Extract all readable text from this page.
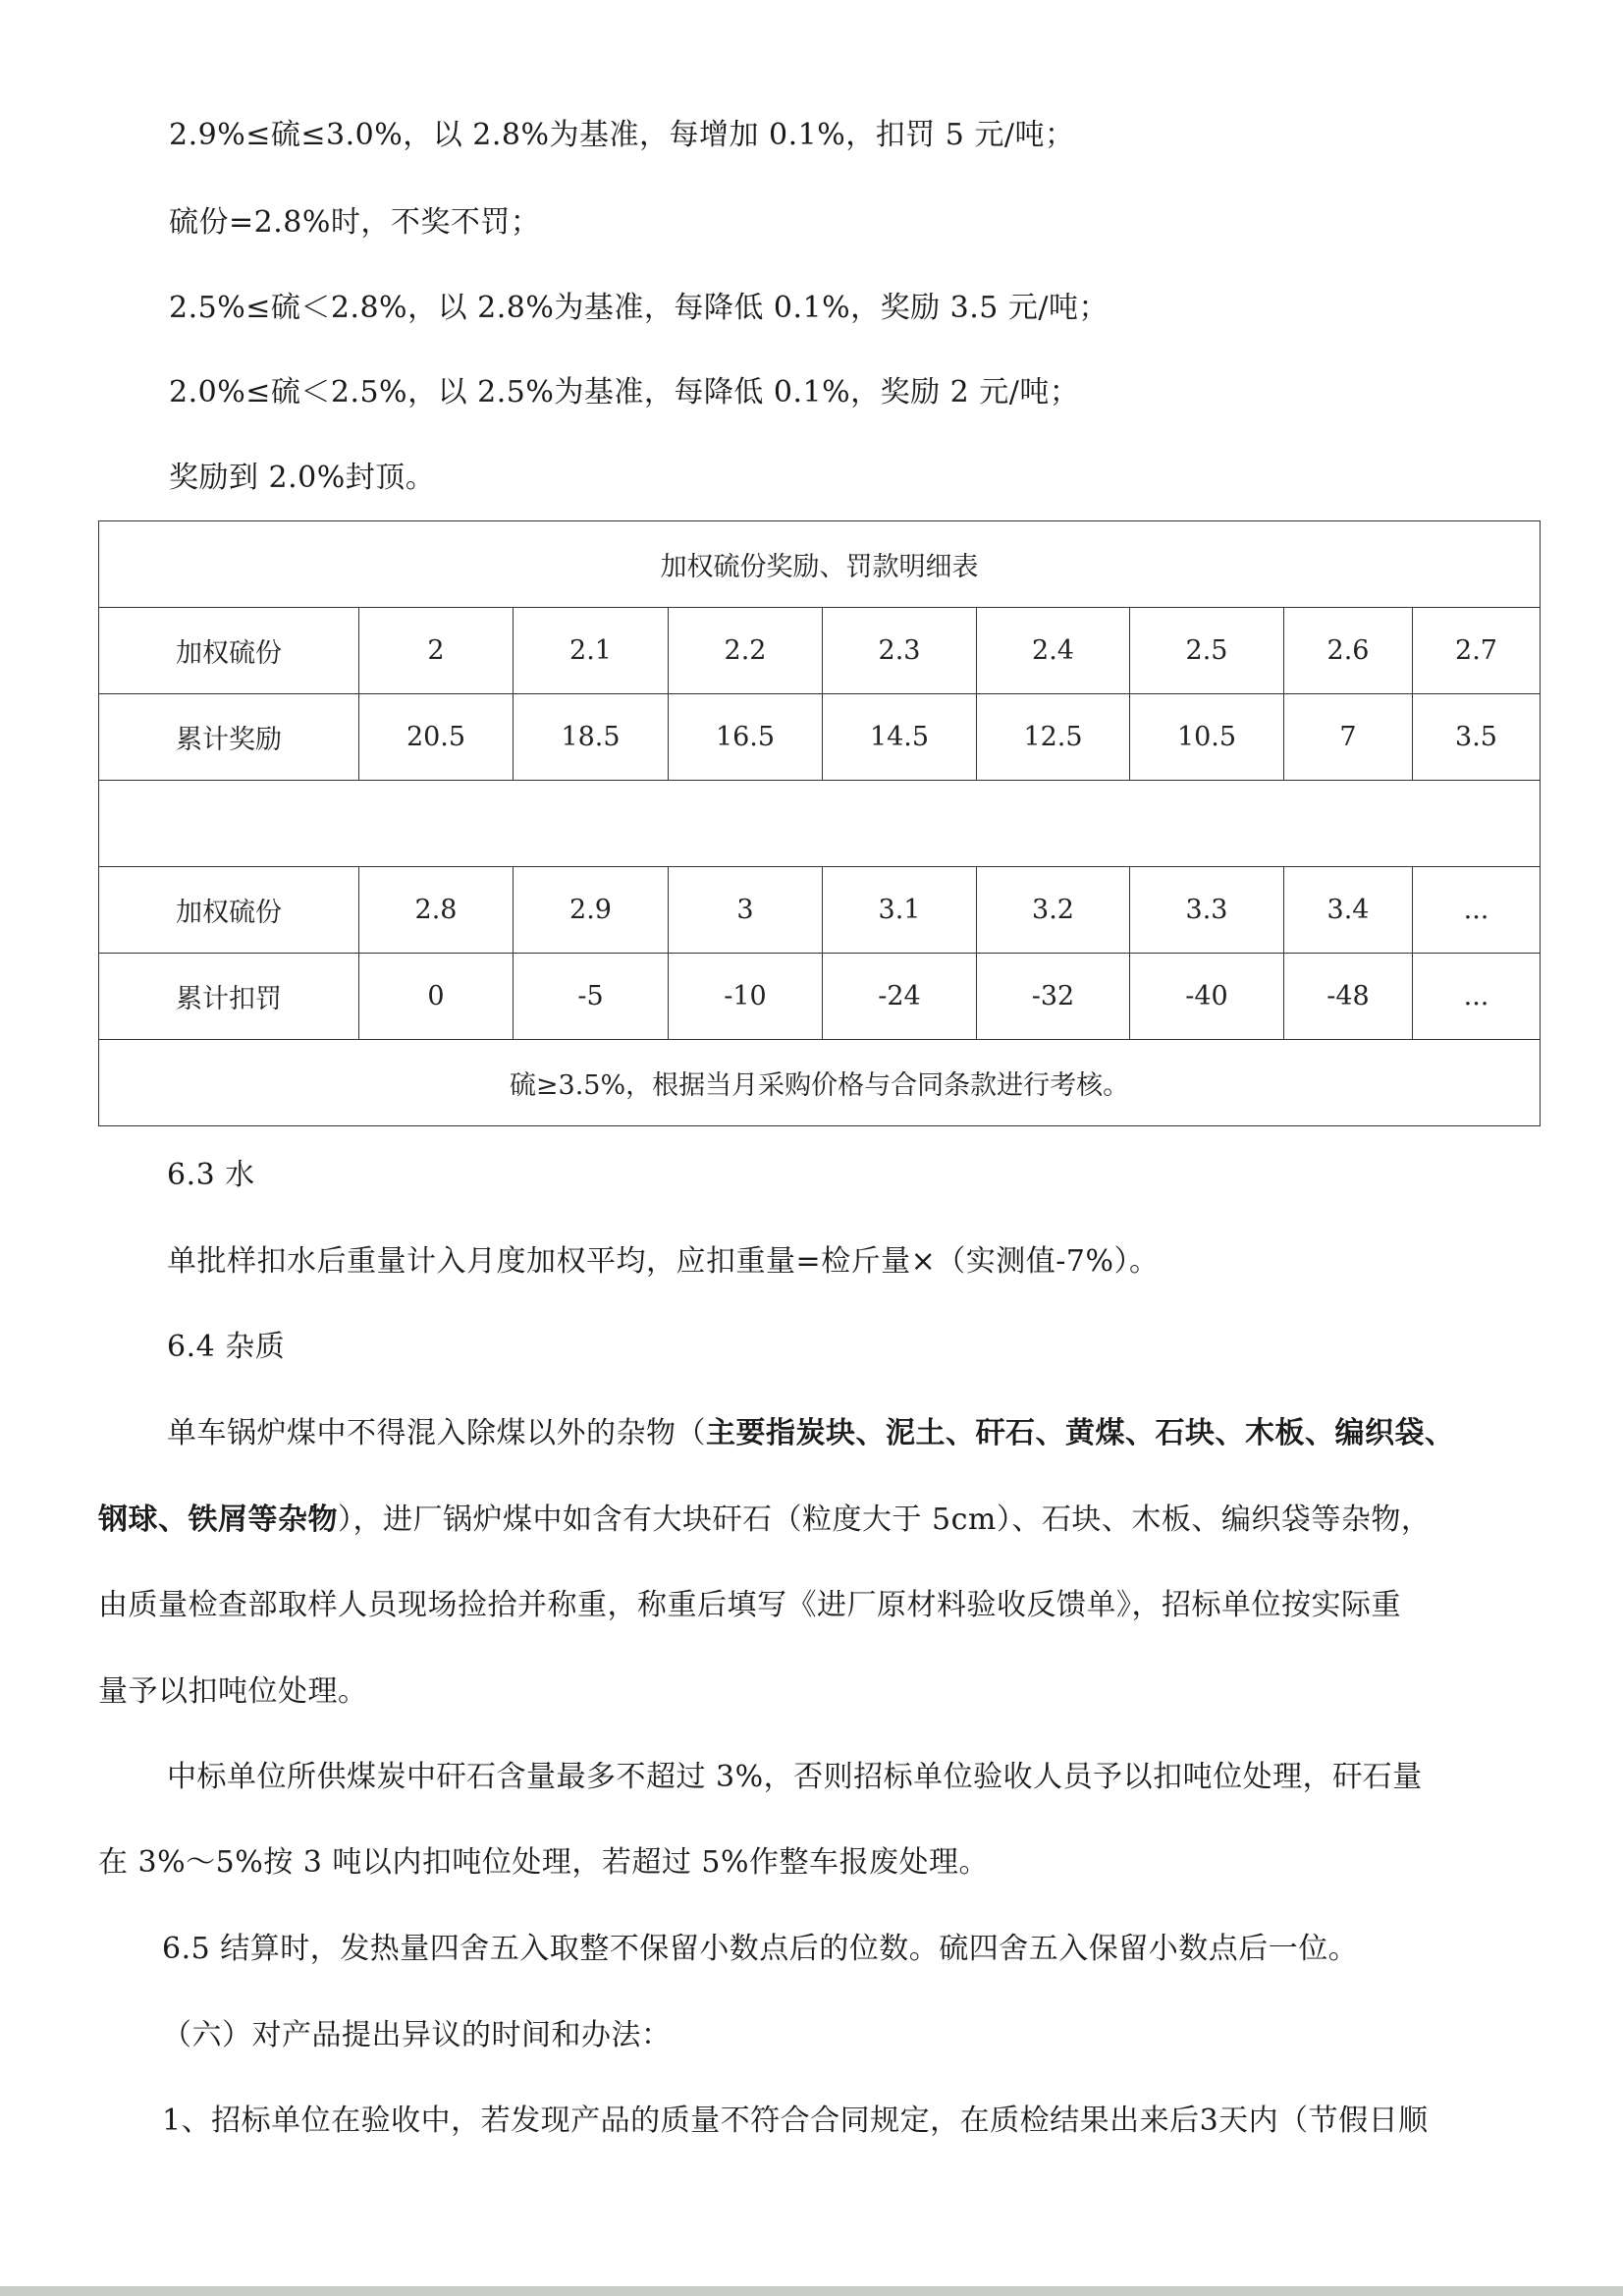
2.9%≤硫≤3.0%，以 2.8%为基准，每增加 0.1%，扣罚 5 元/吨；
硫份=2.8%时，不奖不罚；
2.5%≤硫＜2.8%，以 2.8%为基准，每降低 0.1%，奖励 3.5 元/吨；
2.0%≤硫＜2.5%，以 2.5%为基准，每降低 0.1%，奖励 2 元/吨；
奖励到 2.0%封顶。
加权硫份奖励、罚款明细表								
加权硫份	2	2.1	2.2	2.3	2.4	2.5	2.6	2.7
累计奖励	20.5	18.5	16.5	14.5	12.5	10.5	7	3.5

加权硫份	2.8	2.9	3	3.1	3.2	3.3	3.4	...
累计扣罚	0	-5	-10	-24	-32	-40	-48	...
硫≥3.5%，根据当月采购价格与合同条款进行考核。								
6.3 水
单批样扣水后重量计入月度加权平均，应扣重量=检斤量×（实测值-7%）。
6.4 杂质
单车锅炉煤中不得混入除煤以外的杂物（主要指炭块、泥土、矸石、黄煤、石块、木板、编织袋、
钢球、铁屑等杂物），进厂锅炉煤中如含有大块矸石（粒度大于 5cm）、石块、木板、编织袋等杂物，
由质量检查部取样人员现场捡拾并称重，称重后填写《进厂原材料验收反馈单》，招标单位按实际重
量予以扣吨位处理。
中标单位所供煤炭中矸石含量最多不超过 3%，否则招标单位验收人员予以扣吨位处理，矸石量
在 3%～5%按 3 吨以内扣吨位处理，若超过 5%作整车报废处理。
6.5 结算时，发热量四舍五入取整不保留小数点后的位数。硫四舍五入保留小数点后一位。
（六）对产品提出异议的时间和办法：
1、招标单位在验收中，若发现产品的质量不符合合同规定，在质检结果出来后3天内（节假日顺
